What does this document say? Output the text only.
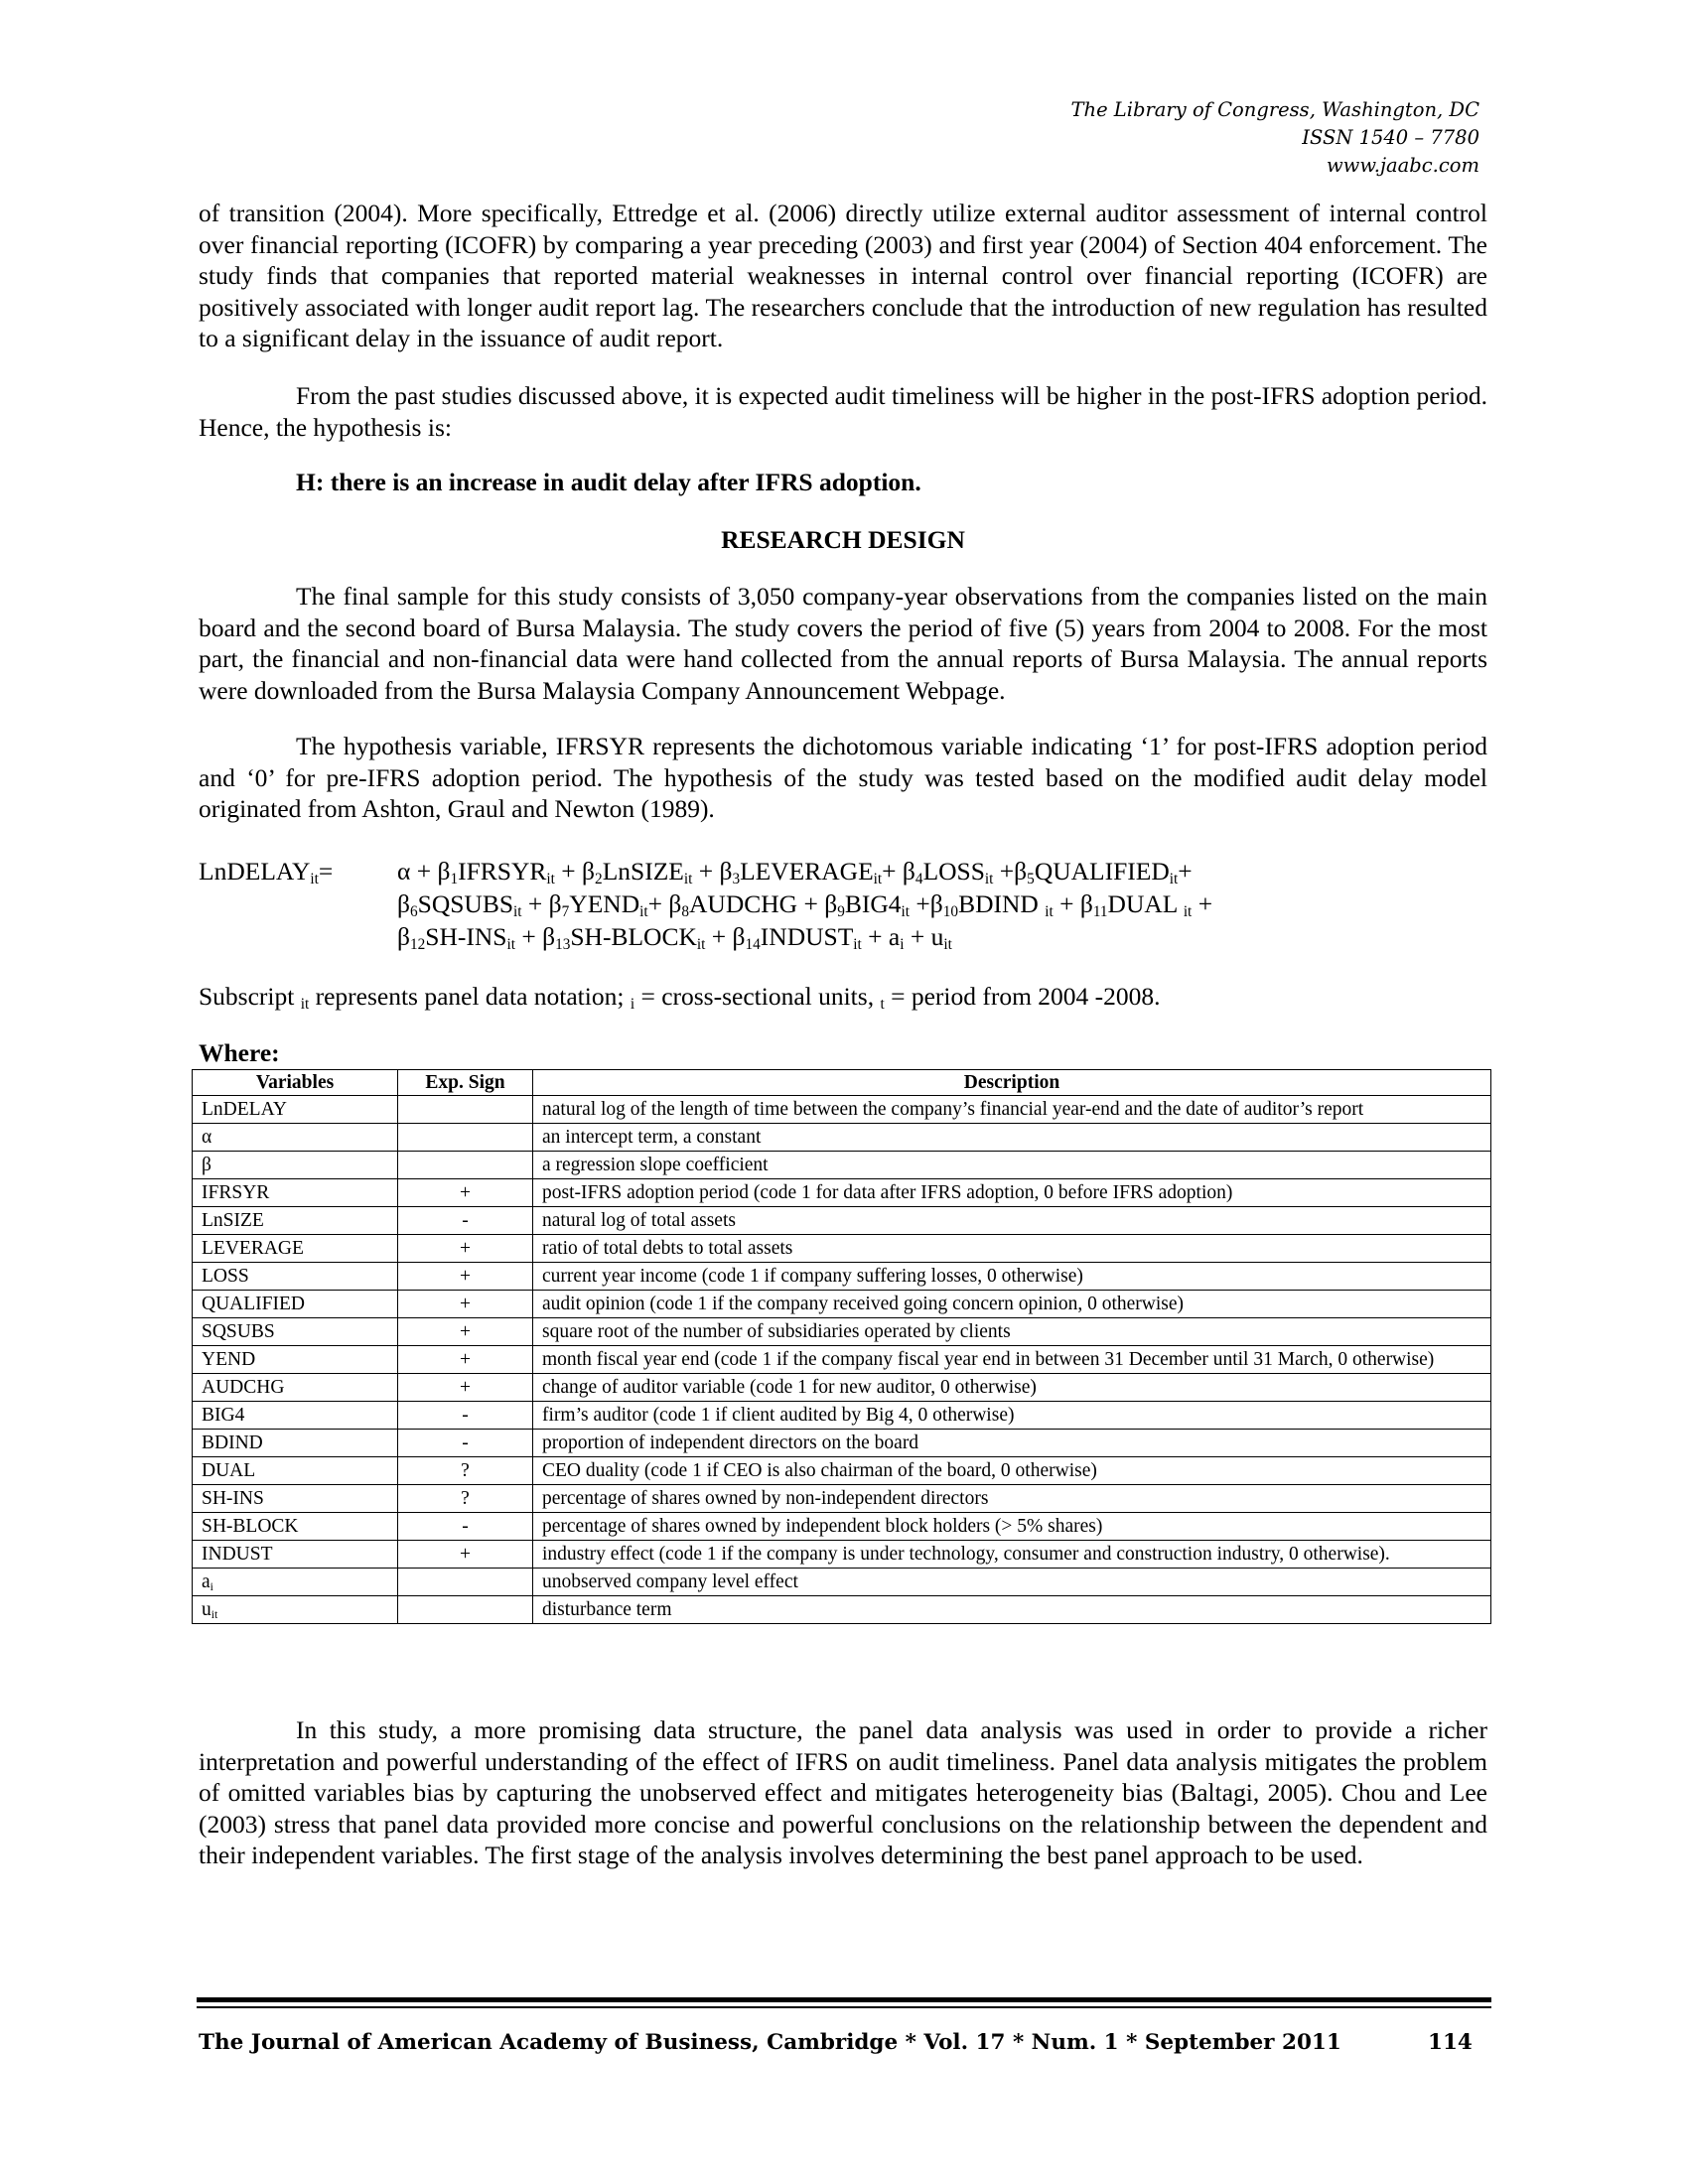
The Library of Congress, Washington, DC
ISSN 1540 – 7780
www.jaabc.com

of transition (2004). More specifically, Ettredge et al. (2006) directly utilize external auditor assessment of internal control over financial reporting (ICOFR) by comparing a year preceding (2003) and first year (2004) of Section 404 enforcement. The study finds that companies that reported material weaknesses in internal control over financial reporting (ICOFR) are positively associated with longer audit report lag. The researchers conclude that the introduction of new regulation has resulted to a significant delay in the issuance of audit report.

From the past studies discussed above, it is expected audit timeliness will be higher in the post-IFRS adoption period. Hence, the hypothesis is:

H: there is an increase in audit delay after IFRS adoption.
RESEARCH DESIGN

The final sample for this study consists of 3,050 company-year observations from the companies listed on the main board and the second board of Bursa Malaysia. The study covers the period of five (5) years from 2004 to 2008. For the most part, the financial and non-financial data were hand collected from the annual reports of Bursa Malaysia. The annual reports were downloaded from the Bursa Malaysia Company Announcement Webpage.

The hypothesis variable, IFRSYR represents the dichotomous variable indicating ‘1’ for post-IFRS adoption period and ‘0’ for pre-IFRS adoption period. The hypothesis of the study was tested based on the modified audit delay model originated from Ashton, Graul and Newton (1989).

LnDELAY$_{it}$=	$\alpha + \beta_1IFRSYR_{it}$ + $\beta_2LnSIZE_{it}$ + $\beta_3LEVERAGE_{it}+$ $\beta_4LOSS_{it}$ $+\beta_5QUALIFIED_{it}+$
$\beta_6SQSUBS_{it}$ + $\beta_7YEND_{it}+$ $\beta_8AUDCHG + \beta_9BIG4_{it}$ $+\beta_{10}BDIND$ $_{it} + \beta_{11}DUAL$ $_{it}$ +
$\beta_{12}SH-INS_{it}$ + $\beta_{13}SH-BLOCK_{it}$ + $\beta_{14}INDUST_{it} + a_i + u_{it}$
Subscript $_{it}$ represents panel data notation; $_i$ = cross-sectional units, $_t$ = period from 2004 -2008.
Where:
Variables	Exp. Sign	Description
LnDELAY		natural log of the length of time between the company’s financial year-end and the date of auditor’s report
α		an intercept term, a constant
β		a regression slope coefficient
IFRSYR	+	post-IFRS adoption period (code 1 for data after IFRS adoption, 0 before IFRS adoption)
LnSIZE	-	natural log of total assets
LEVERAGE	+	ratio of total debts to total assets
LOSS	+	current year income (code 1 if company suffering losses, 0 otherwise)
QUALIFIED	+	audit opinion (code 1 if the company received going concern opinion, 0 otherwise)
SQSUBS	+	square root of the number of subsidiaries operated by clients
YEND	+	month fiscal year end (code 1 if the company fiscal year end in between 31 December until 31 March, 0 otherwise)
AUDCHG	+	change of auditor variable (code 1 for new auditor, 0 otherwise)
BIG4	-	firm’s auditor (code 1 if client audited by Big 4, 0 otherwise)
BDIND	-	proportion of independent directors on the board
DUAL	?	CEO duality (code 1 if CEO is also chairman of the board, 0 otherwise)
SH-INS	?	percentage of shares owned by non-independent directors
SH-BLOCK	-	percentage of shares owned by independent block holders (> 5% shares)
INDUST	+	industry effect (code 1 if the company is under technology, consumer and construction industry, 0 otherwise).
$a_i$		unobserved company level effect
$u_{it}$		disturbance term

In this study, a more promising data structure, the panel data analysis was used in order to provide a richer interpretation and powerful understanding of the effect of IFRS on audit timeliness. Panel data analysis mitigates the problem of omitted variables bias by capturing the unobserved effect and mitigates heterogeneity bias (Baltagi, 2005). Chou and Lee (2003) stress that panel data provided more concise and powerful conclusions on the relationship between the dependent and their independent variables. The first stage of the analysis involves determining the best panel approach to be used.

The Journal of American Academy of Business, Cambridge * Vol. 17 * Num. 1 * September 2011	114
